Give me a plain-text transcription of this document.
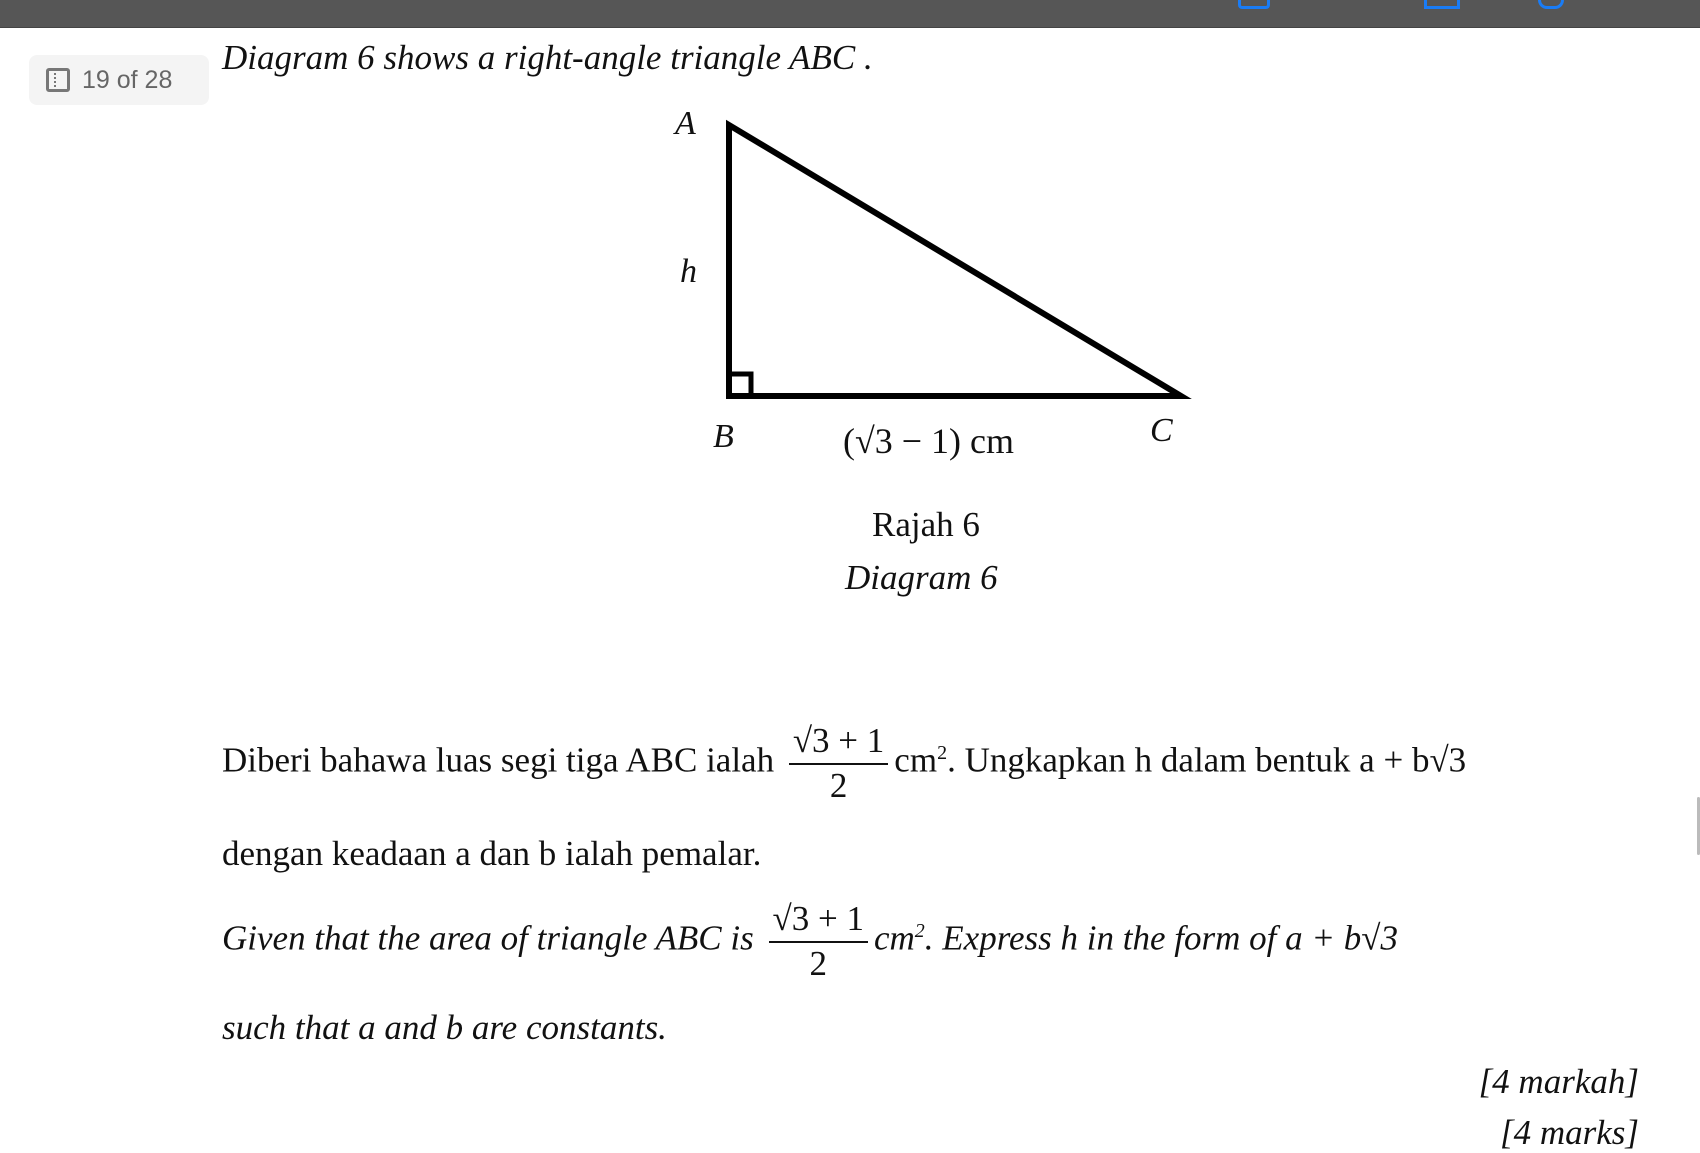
19 of 28
Diagram 6 shows a right-angle triangle ABC .
A
h
B	C
(√3 − 1) cm
Rajah 6
Diagram 6
Diberi bahawa luas segi tiga ABC ialah $\frac{√3 + 1}{2} cm^2$. Ungkapkan h dalam bentuk a + b√3
dengan keadaan a dan b ialah pemalar.
Given that the area of triangle ABC is $\frac{√3 + 1}{2} cm^2$. Express h in the form of a + b√3
such that a and b are constants.
[4 markah]
[4 marks]
